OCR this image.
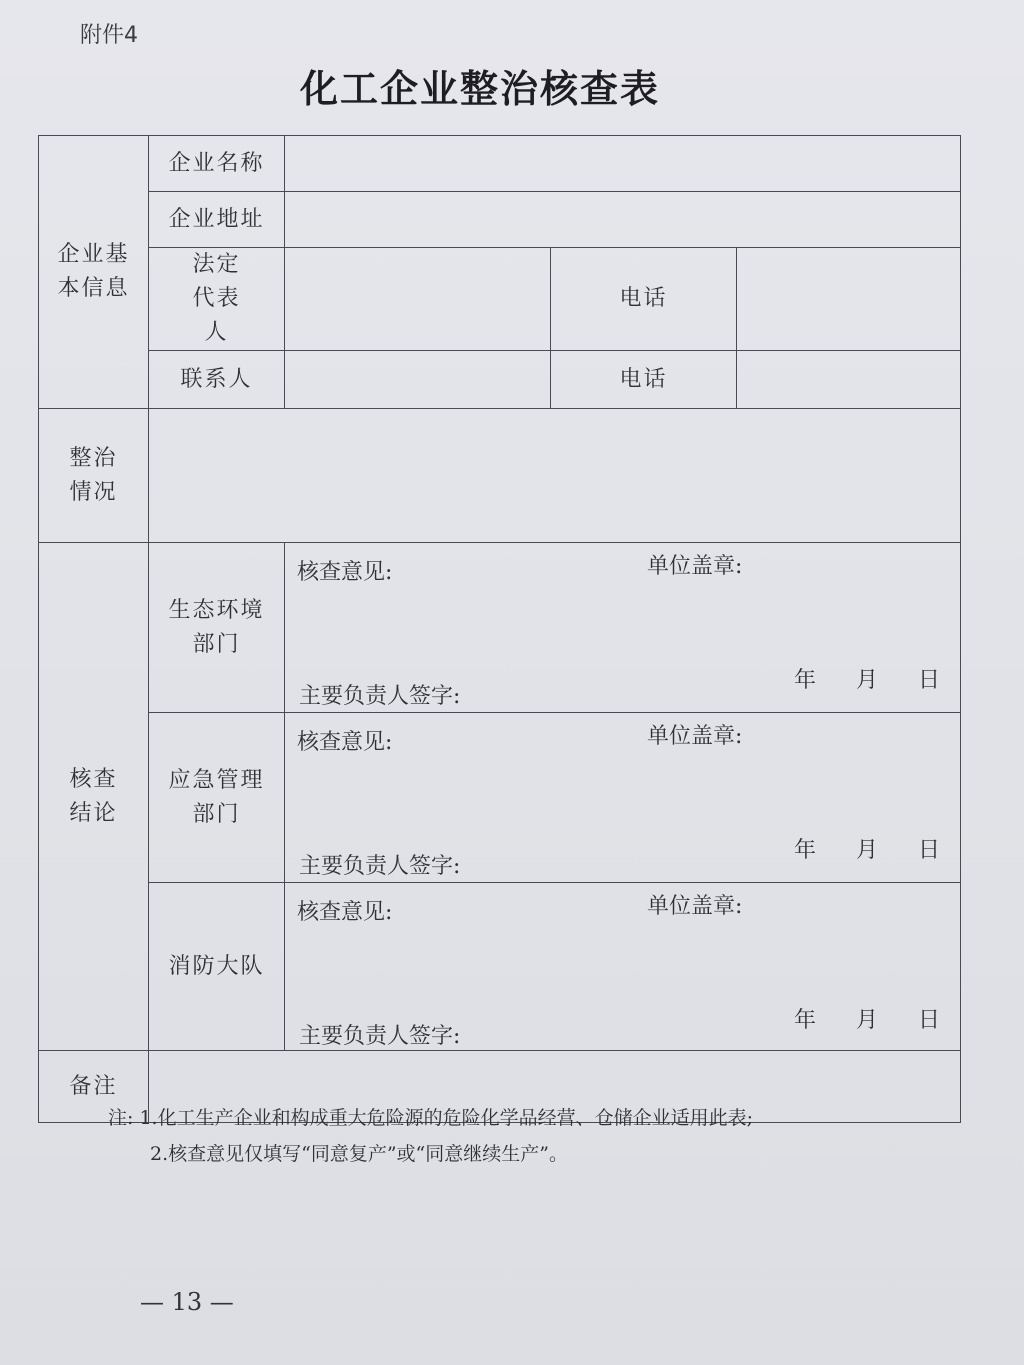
附件4
化工企业整治核查表
企业基本信息	企业名称			
	企业地址			

	法定代表人		电话	
	联系人		电话	

整治情况				

核查结论	生态环境部门	核查意见: 单位盖章:
年 月 日
主要负责人签字:		

	应急管理部门	核查意见: 单位盖章:
年 月 日
主要负责人签字:		

	消防大队	核查意见: 单位盖章:
年 月 日
主要负责人签字:		

备注				
注: 1.化工生产企业和构成重大危险源的危险化学品经营、仓储企业适用此表;
2.核查意见仅填写“同意复产”或“同意继续生产”。
— 13 —
